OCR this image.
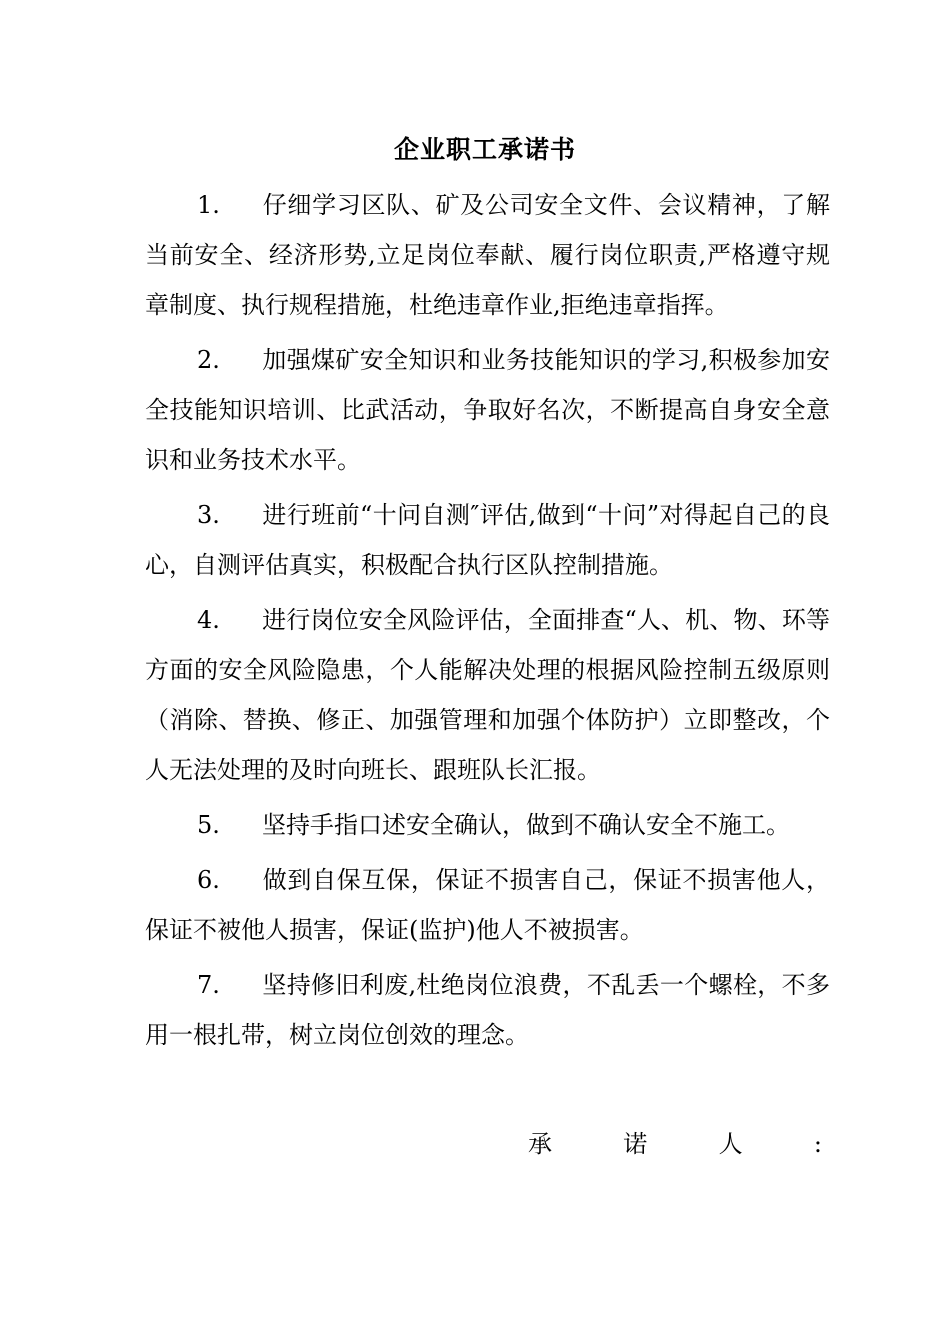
企业职工承诺书

1. 仔细学习区队、矿及公司安全文件、会议精神，了解当前安全、经济形势,立足岗位奉献、履行岗位职责,严格遵守规章制度、执行规程措施，杜绝违章作业,拒绝违章指挥。

2. 加强煤矿安全知识和业务技能知识的学习,积极参加安全技能知识培训、比武活动，争取好名次，不断提高自身安全意识和业务技术水平。

3. 进行班前“十问自测″评估,做到“十问”对得起自己的良心，自测评估真实，积极配合执行区队控制措施。

4. 进行岗位安全风险评估，全面排查“人、机、物、环等方面的安全风险隐患，个人能解决处理的根据风险控制五级原则（消除、替换、修正、加强管理和加强个体防护）立即整改，个人无法处理的及时向班长、跟班队长汇报。

5. 坚持手指口述安全确认，做到不确认安全不施工。

6. 做到自保互保，保证不损害自己，保证不损害他人，保证不被他人损害，保证(监护)他人不被损害。

7. 坚持修旧利废,杜绝岗位浪费，不乱丢一个螺栓，不多用一根扎带，树立岗位创效的理念。

承	诺	人	:
